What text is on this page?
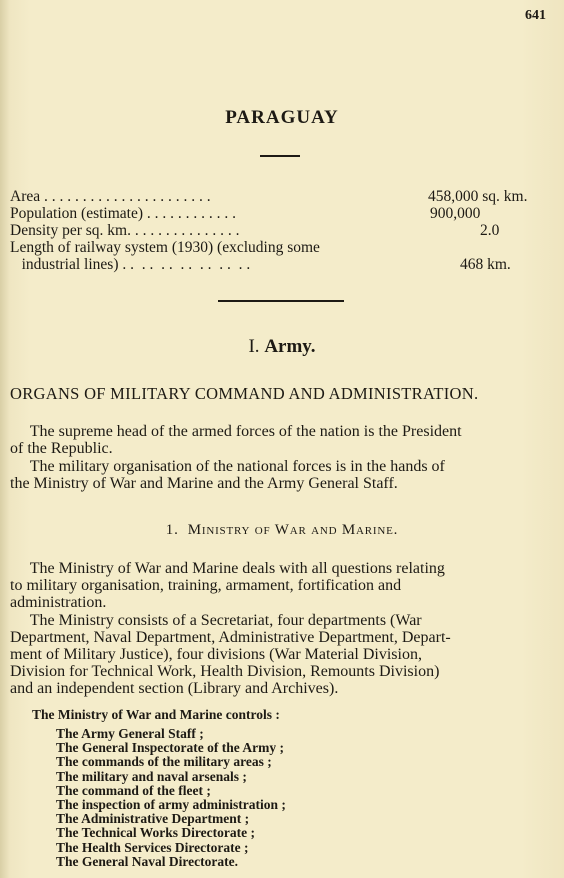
641
PARAGUAY
Area . . . . . . . . . . . . . . . . . . . . . .	458,000 sq. km.
Population (estimate) . . . . . . . . . . . .	900,000
Density per sq. km. . . . . . . . . . . . . . .	2.0
Length of railway system (1930) (excluding some
industrial lines) . .  . .  . .  . .  . .  . .  . .	468 km.
I. Army.
ORGANS OF MILITARY COMMAND AND ADMINISTRATION.
The supreme head of the armed forces of the nation is the President
of the Republic.
The military organisation of the national forces is in the hands of
the Ministry of War and Marine and the Army General Staff.
1.  Ministry of War and Marine.
The Ministry of War and Marine deals with all questions relating
to military organisation, training, armament, fortification and
administration.
The Ministry consists of a Secretariat, four departments (War
Department, Naval Department, Administrative Department, Depart-
ment of Military Justice), four divisions (War Material Division,
Division for Technical Work, Health Division, Remounts Division)
and an independent section (Library and Archives).
The Ministry of War and Marine controls :
The Army General Staff ;
The General Inspectorate of the Army ;
The commands of the military areas ;
The military and naval arsenals ;
The command of the fleet ;
The inspection of army administration ;
The Administrative Department ;
The Technical Works Directorate ;
The Health Services Directorate ;
The General Naval Directorate.
